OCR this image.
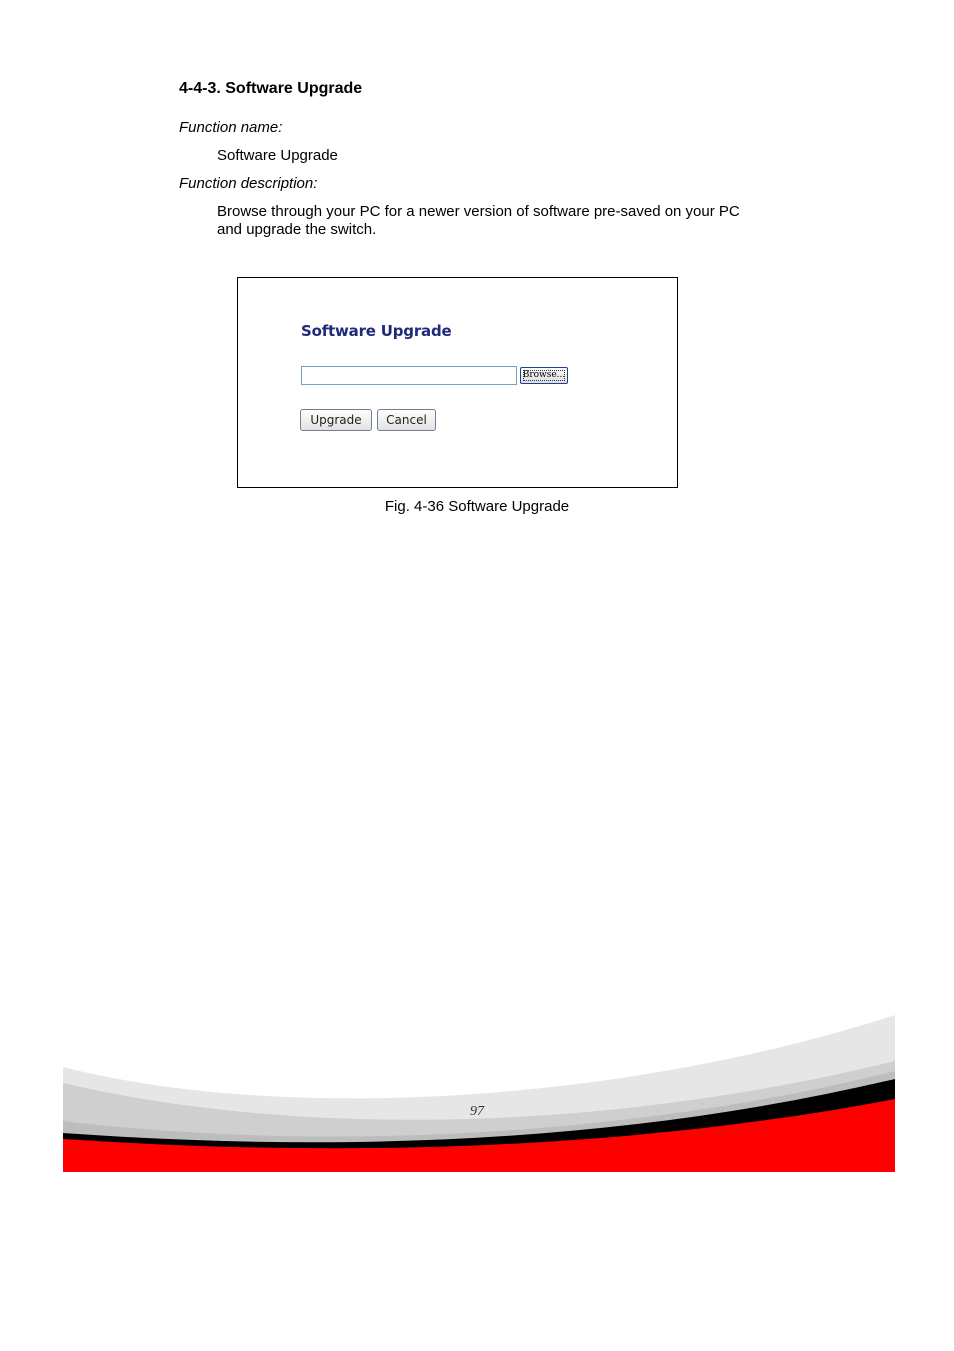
4-4-3. Software Upgrade

Function name:

Software Upgrade

Function description:

Browse through your PC for a newer version of software pre-saved on your PC and upgrade the switch.

Software Upgrade

Browse...
Upgrade	Cancel

Fig. 4-36 Software Upgrade

97
